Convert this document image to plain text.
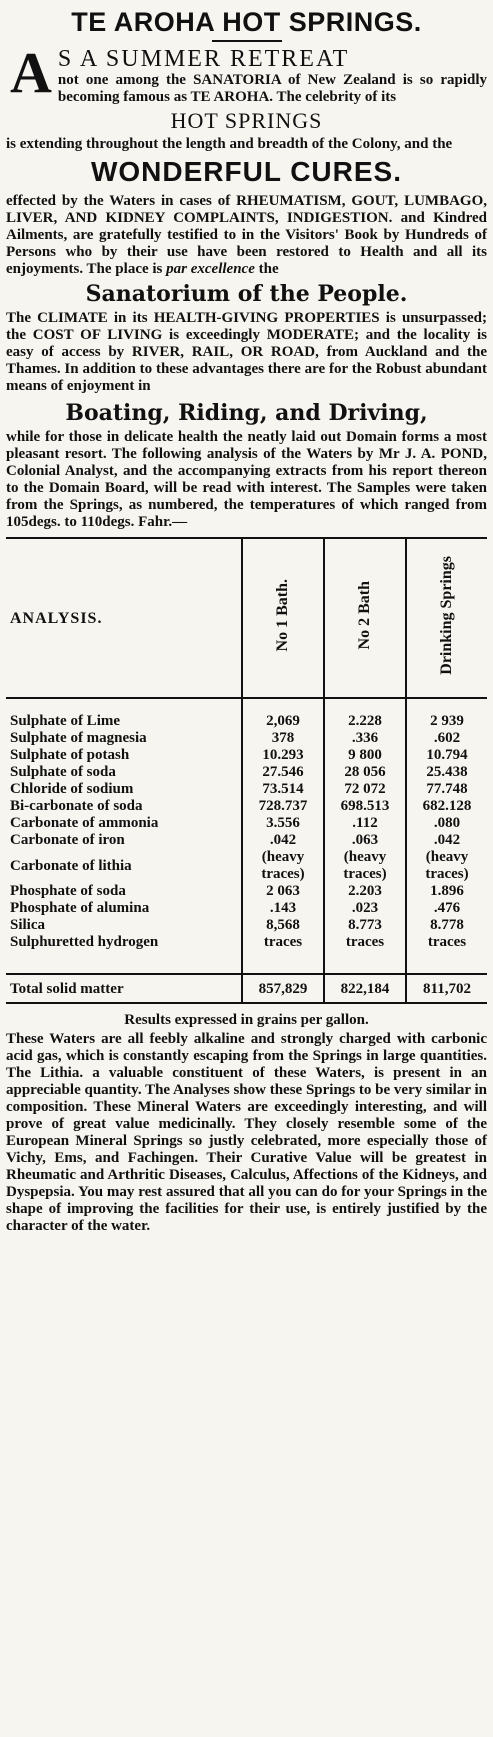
TE AROHA HOT SPRINGS.
A S A SUMMER RETREAT

not one among the SANATORIA of New Zealand is so rapidly becoming famous as TE AROHA. The celebrity of its

HOT SPRINGS

is extending throughout the length and breadth of the Colony, and the

WONDERFUL CURES.

effected by the Waters in cases of RHEUMATISM, GOUT, LUMBAGO, LIVER, AND KIDNEY COMPLAINTS, INDIGESTION. and Kindred Ailments, are gratefully testified to in the Visitors' Book by Hundreds of Persons who by their use have been restored to Health and all its enjoyments. The place is par excellence the

Sanatorium of the People.

The CLIMATE in its HEALTH-GIVING PROPERTIES is unsurpassed; the COST OF LIVING is exceedingly MODERATE; and the locality is easy of access by RIVER, RAIL, OR ROAD, from Auckland and the Thames. In addition to these advantages there are for the Robust abundant means of enjoyment in

Boating, Riding, and Driving,

while for those in delicate health the neatly laid out Domain forms a most pleasant resort. The following analysis of the Waters by Mr J. A. POND, Colonial Analyst, and the accompanying extracts from his report thereon to the Domain Board, will be read with interest. The Samples were taken from the Springs, as numbered, the temperatures of which ranged from 105degs. to 110degs. Fahr.—

ANALYSIS.	No 1 Bath.	No 2 Bath	Drinking Springs

Sulphate of Lime	2,069	2.228	2 939
Sulphate of magnesia	378	.336	.602
Sulphate of potash	10.293	9 800	10.794
Sulphate of soda	27.546	28 056	25.438
Chloride of sodium	73.514	72 072	77.748
Bi-carbonate of soda	728.737	698.513	682.128
Carbonate of ammonia	3.556	.112	.080
Carbonate of iron	.042	.063	.042
Carbonate of lithia	(heavy traces)	(heavy traces)	(heavy traces)
Phosphate of soda	2 063	2.203	1.896
Phosphate of alumina	.143	.023	.476
Silica	8,568	8.773	8.778
Sulphuretted hydrogen	traces	traces	traces

Total solid matter	857,829	822,184	811,702
Results expressed in grains per gallon.

These Waters are all feebly alkaline and strongly charged with carbonic acid gas, which is constantly escaping from the Springs in large quantities. The Lithia. a valuable constituent of these Waters, is present in an appreciable quantity. The Analyses show these Springs to be very similar in composition. These Mineral Waters are exceedingly interesting, and will prove of great value medicinally. They closely resemble some of the European Mineral Springs so justly celebrated, more especially those of Vichy, Ems, and Fachingen. Their Curative Value will be greatest in Rheumatic and Arthritic Diseases, Calculus, Affections of the Kidneys, and Dyspepsia. You may rest assured that all you can do for your Springs in the shape of improving the facilities for their use, is entirely justified by the character of the water.
